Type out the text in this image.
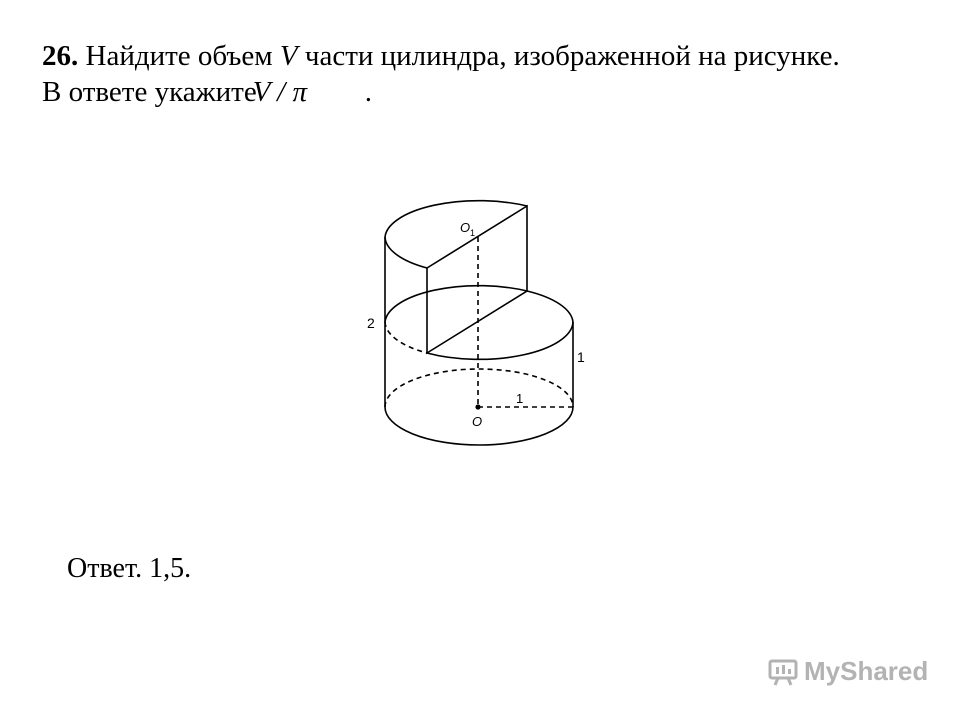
26. Найдите объем V части цилиндра, изображенной на рисунке.
В ответе укажитеV / π .
O 1
2
1
1
O
Ответ. 1,5.
MyShared
